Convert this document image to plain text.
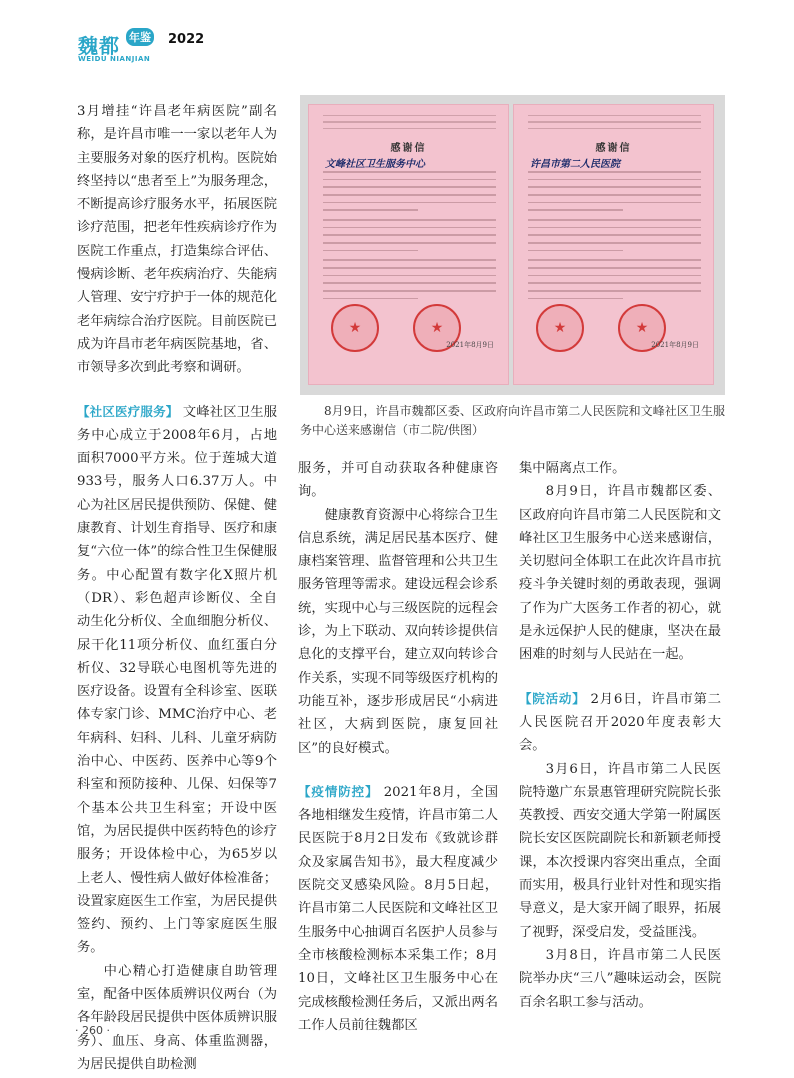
魏都 年鉴 2022
WEIDU NIANJIAN

3月增挂“许昌老年病医院”副名称，是许昌市唯一一家以老年人为主要服务对象的医疗机构。医院始终坚持以“患者至上”为服务理念，不断提高诊疗服务水平，拓展医院诊疗范围，把老年性疾病诊疗作为医院工作重点，打造集综合评估、慢病诊断、老年疾病治疗、失能病人管理、安宁疗护于一体的规范化老年病综合治疗医院。目前医院已成为许昌市老年病医院基地，省、市领导多次到此考察和调研。

【社区医疗服务】 文峰社区卫生服务中心成立于2008年6月，占地面积7000平方米。位于莲城大道933号，服务人口6.37万人。中心为社区居民提供预防、保健、健康教育、计划生育指导、医疗和康复“六位一体”的综合性卫生保健服务。中心配置有数字化X照片机（DR）、彩色超声诊断仪、全自动生化分析仪、全血细胞分析仪、尿干化11项分析仪、血红蛋白分析仪、32导联心电图机等先进的医疗设备。设置有全科诊室、医联体专家门诊、MMC治疗中心、老年病科、妇科、儿科、儿童牙病防治中心、中医药、医养中心等9个科室和预防接种、儿保、妇保等7个基本公共卫生科室；开设中医馆，为居民提供中医药特色的诊疗服务；开设体检中心，为65岁以上老人、慢性病人做好体检准备；设置家庭医生工作室，为居民提供签约、预约、上门等家庭医生服务。

中心精心打造健康自助管理室，配备中医体质辨识仪两台（为各年龄段居民提供中医体质辨识服务）、血压、身高、体重监测器，为居民提供自助检测

感谢信
文峰社区卫生服务中心
★
★
2021年8月9日
感谢信
许昌市第二人民医院
★
★
2021年8月9日
8月9日，许昌市魏都区委、区政府向许昌市第二人民医院和文峰社区卫生服务中心送来感谢信（市二院/供图）

服务，并可自动获取各种健康咨询。

健康教育资源中心将综合卫生信息系统，满足居民基本医疗、健康档案管理、监督管理和公共卫生服务管理等需求。建设远程会诊系统，实现中心与三级医院的远程会诊，为上下联动、双向转诊提供信息化的支撑平台，建立双向转诊合作关系，实现不同等级医疗机构的功能互补，逐步形成居民“小病进社区，大病到医院，康复回社区”的良好模式。

【疫情防控】 2021年8月，全国各地相继发生疫情，许昌市第二人民医院于8月2日发布《致就诊群众及家属告知书》，最大程度减少医院交叉感染风险。8月5日起，许昌市第二人民医院和文峰社区卫生服务中心抽调百名医护人员参与全市核酸检测标本采集工作；8月10日，文峰社区卫生服务中心在完成核酸检测任务后，又派出两名工作人员前往魏都区

集中隔离点工作。

8月9日，许昌市魏都区委、区政府向许昌市第二人民医院和文峰社区卫生服务中心送来感谢信，关切慰问全体职工在此次许昌市抗疫斗争关键时刻的勇敢表现，强调了作为广大医务工作者的初心，就是永远保护人民的健康，坚决在最困难的时刻与人民站在一起。

【院活动】 2月6日，许昌市第二人民医院召开2020年度表彰大会。

3月6日，许昌市第二人民医院特邀广东景惠管理研究院院长张英教授、西安交通大学第一附属医院长安区医院副院长和新颖老师授课，本次授课内容突出重点，全面而实用，极具行业针对性和现实指导意义，是大家开阔了眼界，拓展了视野，深受启发，受益匪浅。

3月8日，许昌市第二人民医院举办庆“三八”趣味运动会，医院百余名职工参与活动。

· 260 ·
